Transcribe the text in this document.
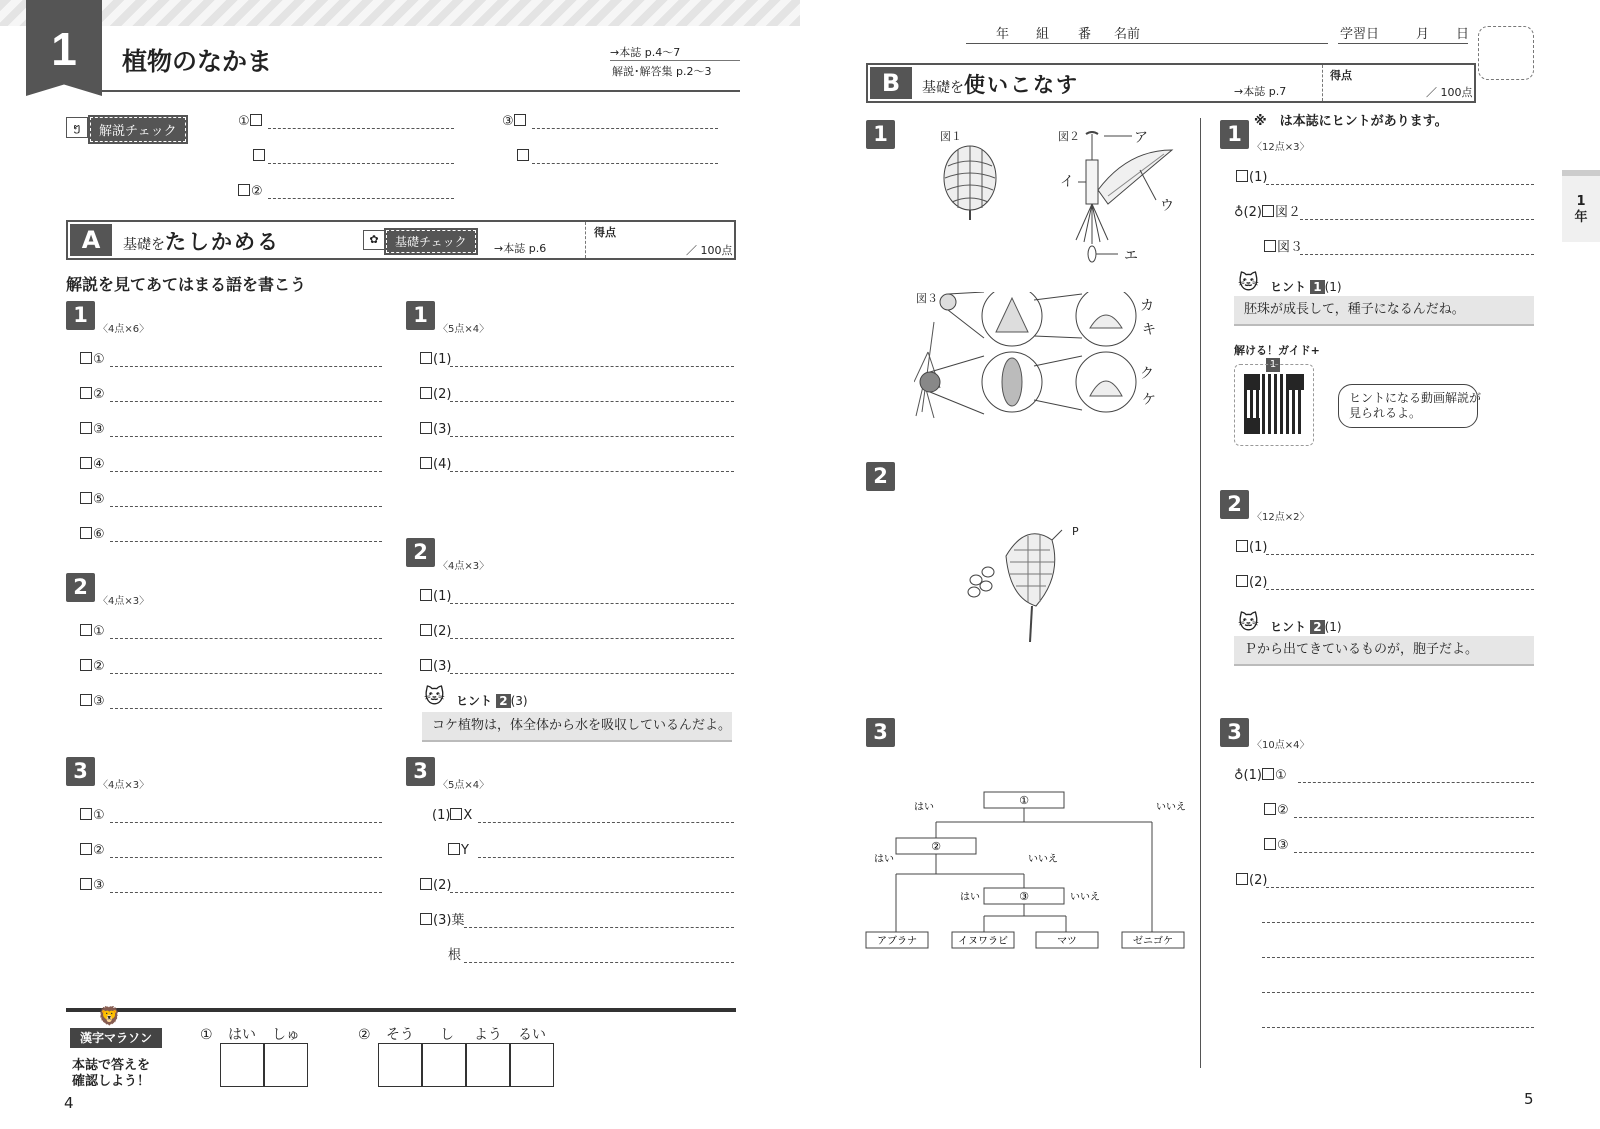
1	植物のなかま	→本誌 p.4〜7
解説･解答集 p.2〜3
解説チェック
ໆ	①
②
③
A	基礎をたしかめる	基礎チェック
✿
→本誌 p.6
得点
／ 100点
解説を見てあてはまる語を書こう
1
〈4点×6〉
①
②
③
④
⑤
⑥
2
〈4点×3〉
①
②
③
3
〈4点×3〉
①
②
③
1
〈5点×4〉
(1)
(2)
(3)
(4)
2
〈4点×3〉
(1)
(2)
(3)
🐱 ヒント 2 (3)
コケ植物は，体全体から水を吸収しているんだよ。
3
〈5点×4〉
(1) X
Y
(2)
(3)葉
根
🦁
漢字マラソン
本誌で答えを
確認しよう！
① はい しゅ	② そう し よう るい
4
年 組 番 名前	学習日	月 日
B	基礎を使いこなす	→本誌 p.7
得点
／ 100点
1	図１	図２	ア
イ
ウ
エ
図３	カ
キ
ク
ケ
2
P
3
①
②
③
はい	いいえ
はい	いいえ
はい	いいえ
アブラナ	イヌワラビ	マツ	ゼニゴケ
※　は本誌にヒントがあります。
1
〈12点×3〉
(1)
♁(2) 図２
図３
🐱 ヒント 1 (1)
胚珠が成長して，種子になるんだね。
解ける！ガイド+
1
ヒントになる動画解説が
見られるよ。
2
〈12点×2〉
(1)
(2)
🐱 ヒント 2 (1)
Ｐから出てきているものが，胞子だよ。
3
〈10点×4〉
♁(1) ①
②
③
(2)
1
年
5
